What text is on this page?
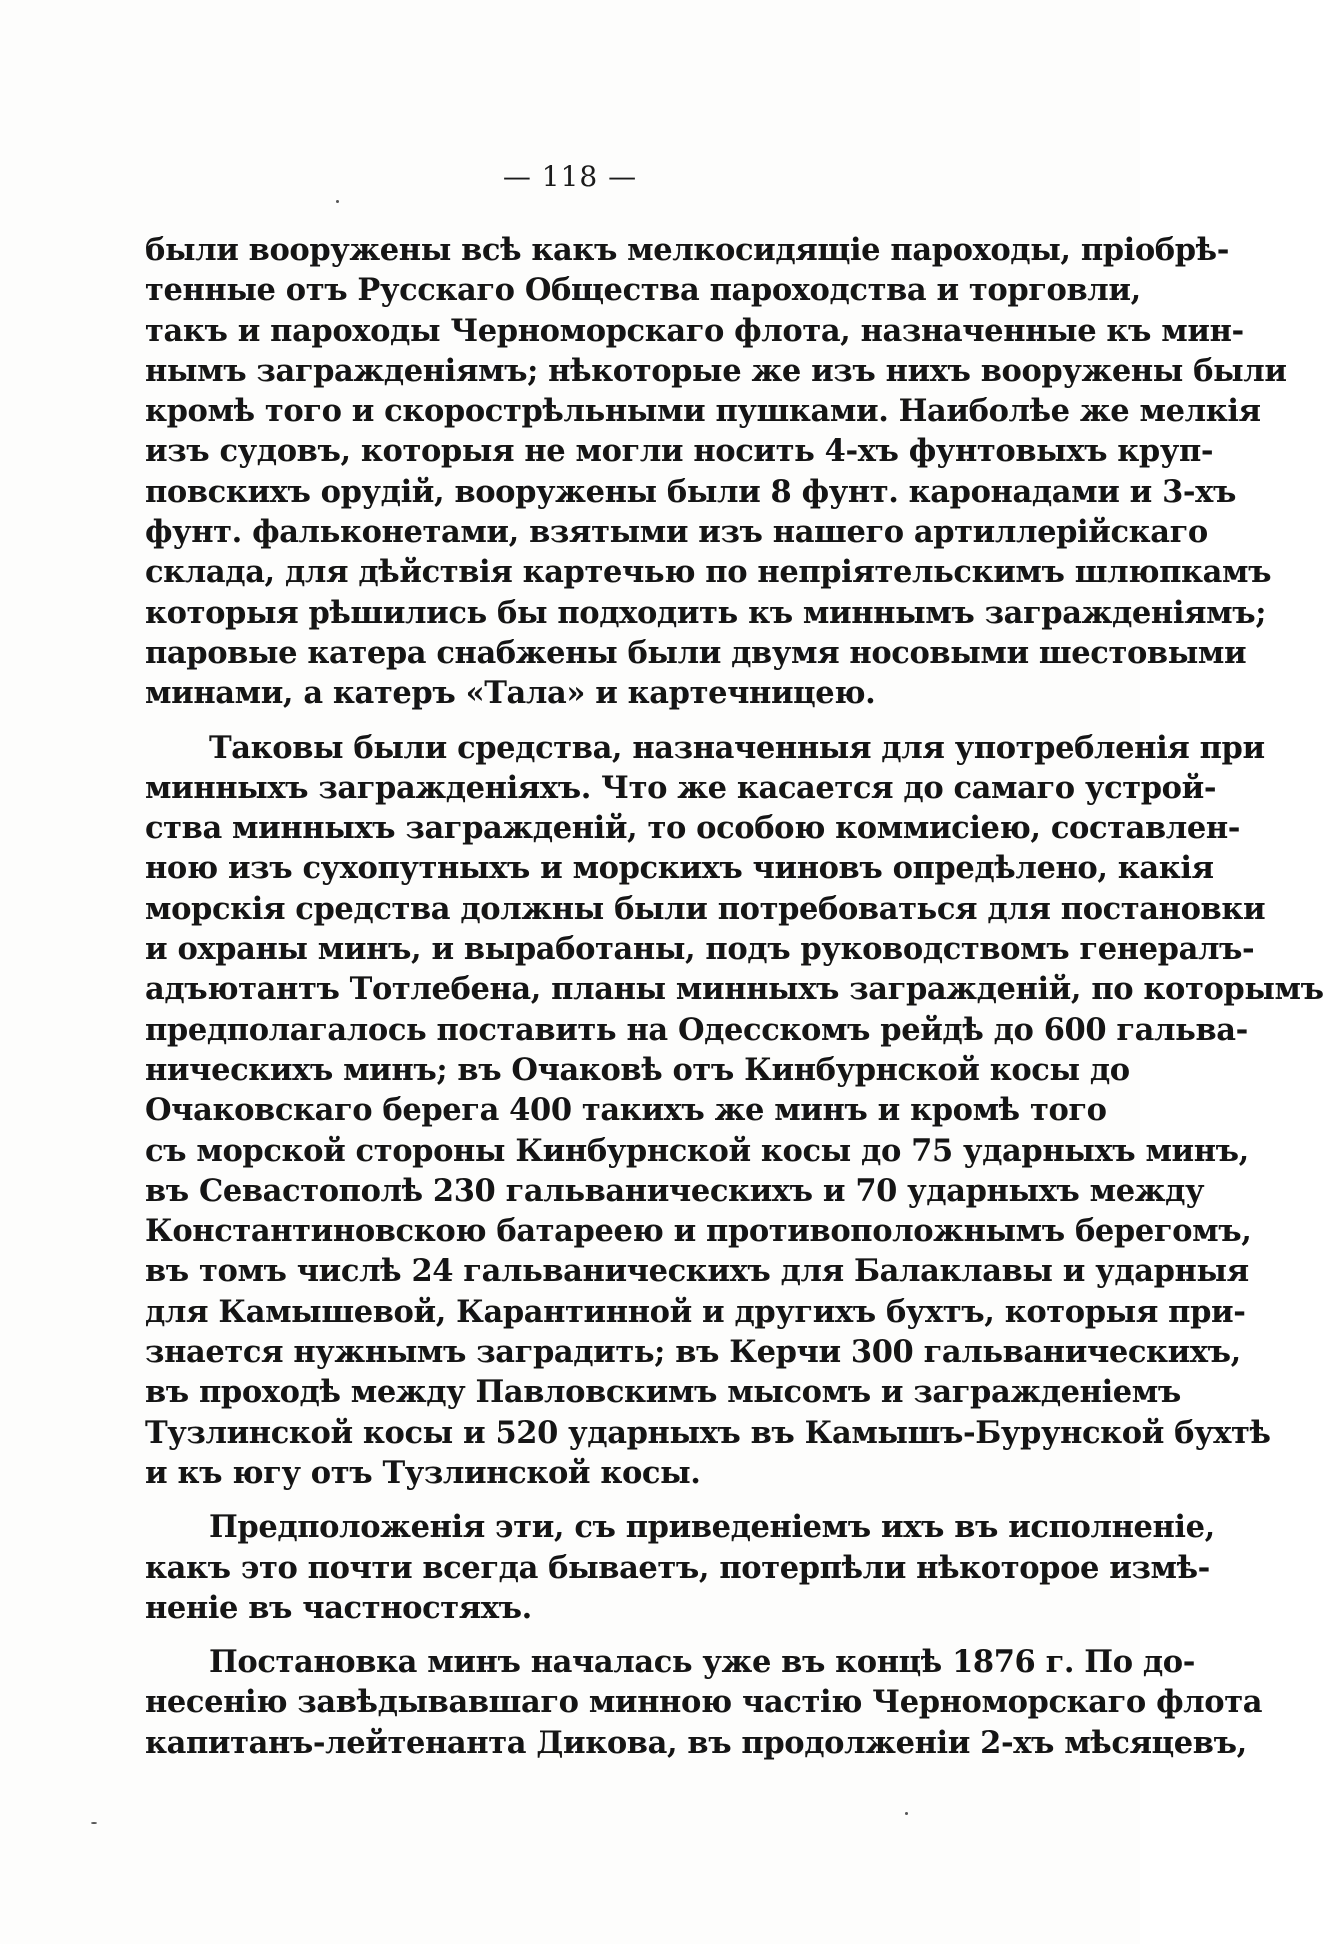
— 118 —
были вооружены всѣ какъ мелкосидящіе пароходы, пріобрѣ-
тенные отъ Русскаго Общества пароходства и торговли,
такъ и пароходы Черноморскаго флота, назначенные къ мин-
нымъ загражденіямъ; нѣкоторые же изъ нихъ вооружены были
кромѣ того и скорострѣльными пушками. Наиболѣе же мелкія
изъ судовъ, которыя не могли носить 4-хъ фунтовыхъ круп-
повскихъ орудій, вооружены были 8 фунт. каронадами и 3-хъ
фунт. фальконетами, взятыми изъ нашего артиллерійскаго
склада, для дѣйствія картечью по непріятельскимъ шлюпкамъ
которыя рѣшились бы подходить къ миннымъ загражденіямъ;
паровые катера снабжены были двумя носовыми шестовыми
минами, а катеръ «Тала» и картечницею.
Таковы были средства, назначенныя для употребленія при
минныхъ загражденіяхъ. Что же касается до самаго устрой-
ства минныхъ загражденій, то особою коммисіею, составлен-
ною изъ сухопутныхъ и морскихъ чиновъ опредѣлено, какія
морскія средства должны были потребоваться для постановки
и охраны минъ, и выработаны, подъ руководствомъ генералъ-
адъютантъ Тотлебена, планы минныхъ загражденій, по которымъ
предполагалось поставить на Одесскомъ рейдѣ до 600 гальва-
ническихъ минъ; въ Очаковѣ отъ Кинбурнской косы до
Очаковскаго берега 400 такихъ же минъ и кромѣ того
съ морской стороны Кинбурнской косы до 75 ударныхъ минъ,
въ Севастополѣ 230 гальваническихъ и 70 ударныхъ между
Константиновскою батареею и противоположнымъ берегомъ,
въ томъ числѣ 24 гальваническихъ для Балаклавы и ударныя
для Камышевой, Карантинной и другихъ бухтъ, которыя при-
знается нужнымъ заградить; въ Керчи 300 гальваническихъ,
въ проходѣ между Павловскимъ мысомъ и загражденіемъ
Тузлинской косы и 520 ударныхъ въ Камышъ-Бурунской бухтѣ
и къ югу отъ Тузлинской косы.
Предположенія эти, съ приведеніемъ ихъ въ исполненіе,
какъ это почти всегда бываетъ, потерпѣли нѣкоторое измѣ-
неніе въ частностяхъ.
Постановка минъ началась уже въ концѣ 1876 г. По до-
несенію завѣдывавшаго минною частію Черноморскаго флота
капитанъ-лейтенанта Дикова, въ продолженіи 2-хъ мѣсяцевъ,
